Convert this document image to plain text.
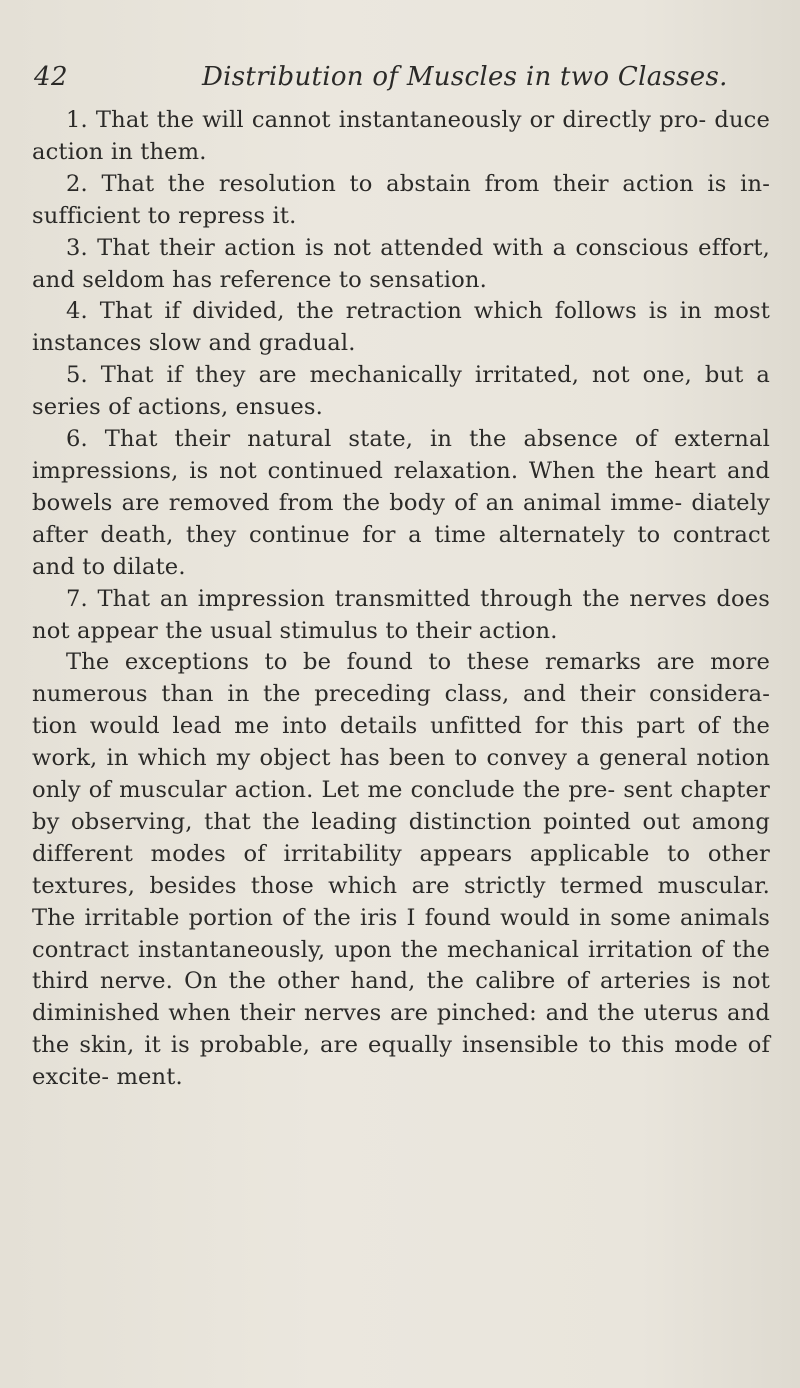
42	Distribution of Muscles in two Classes.

1. That the will cannot instantaneously or directly pro- duce action in them.

2. That the resolution to abstain from their action is in- sufficient to repress it.

3. That their action is not attended with a conscious effort, and seldom has reference to sensation.

4. That if divided, the retraction which follows is in most instances slow and gradual.

5. That if they are mechanically irritated, not one, but a series of actions, ensues.

6. That their natural state, in the absence of external impressions, is not continued relaxation. When the heart and bowels are removed from the body of an animal imme- diately after death, they continue for a time alternately to contract and to dilate.

7. That an impression transmitted through the nerves does not appear the usual stimulus to their action.

The exceptions to be found to these remarks are more numerous than in the preceding class, and their considera- tion would lead me into details unfitted for this part of the work, in which my object has been to convey a general notion only of muscular action. Let me conclude the pre- sent chapter by observing, that the leading distinction pointed out among different modes of irritability appears applicable to other textures, besides those which are strictly termed muscular. The irritable portion of the iris I found would in some animals contract instantaneously, upon the mechanical irritation of the third nerve. On the other hand, the calibre of arteries is not diminished when their nerves are pinched: and the uterus and the skin, it is probable, are equally insensible to this mode of excite- ment.
